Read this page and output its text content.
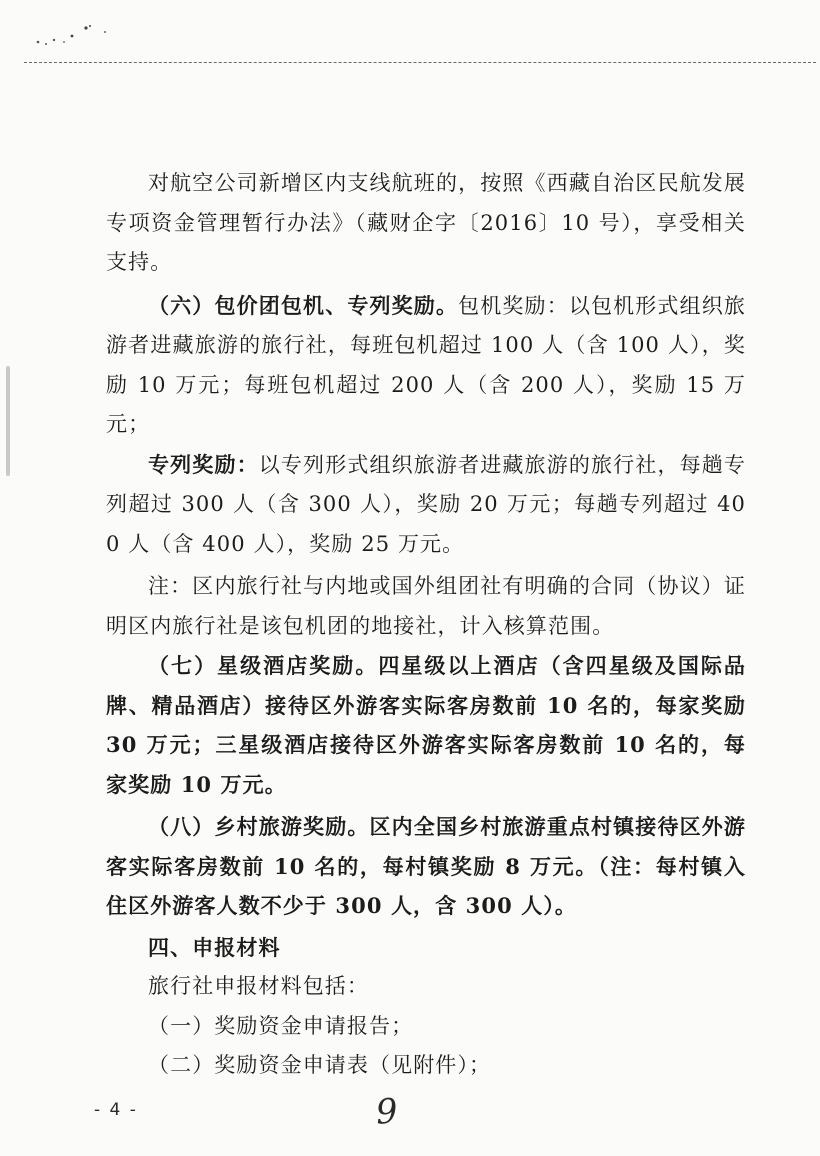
对航空公司新增区内支线航班的，按照《西藏自治区民航发展专项资金管理暂行办法》（藏财企字〔2016〕10 号），享受相关支持。

（六）包价团包机、专列奖励。包机奖励：以包机形式组织旅游者进藏旅游的旅行社，每班包机超过 100 人（含 100 人），奖励 10 万元；每班包机超过 200 人（含 200 人），奖励 15 万元；

专列奖励：以专列形式组织旅游者进藏旅游的旅行社，每趟专列超过 300 人（含 300 人），奖励 20 万元；每趟专列超过 400 人（含 400 人），奖励 25 万元。

注：区内旅行社与内地或国外组团社有明确的合同（协议）证明区内旅行社是该包机团的地接社，计入核算范围。

（七）星级酒店奖励。四星级以上酒店（含四星级及国际品牌、精品酒店）接待区外游客实际客房数前 10 名的，每家奖励 30 万元；三星级酒店接待区外游客实际客房数前 10 名的，每家奖励 10 万元。

（八）乡村旅游奖励。区内全国乡村旅游重点村镇接待区外游客实际客房数前 10 名的，每村镇奖励 8 万元。（注：每村镇入住区外游客人数不少于 300 人，含 300 人）。

四、申报材料

旅行社申报材料包括：

（一）奖励资金申请报告；

（二）奖励资金申请表（见附件）；

- 4 -	9
